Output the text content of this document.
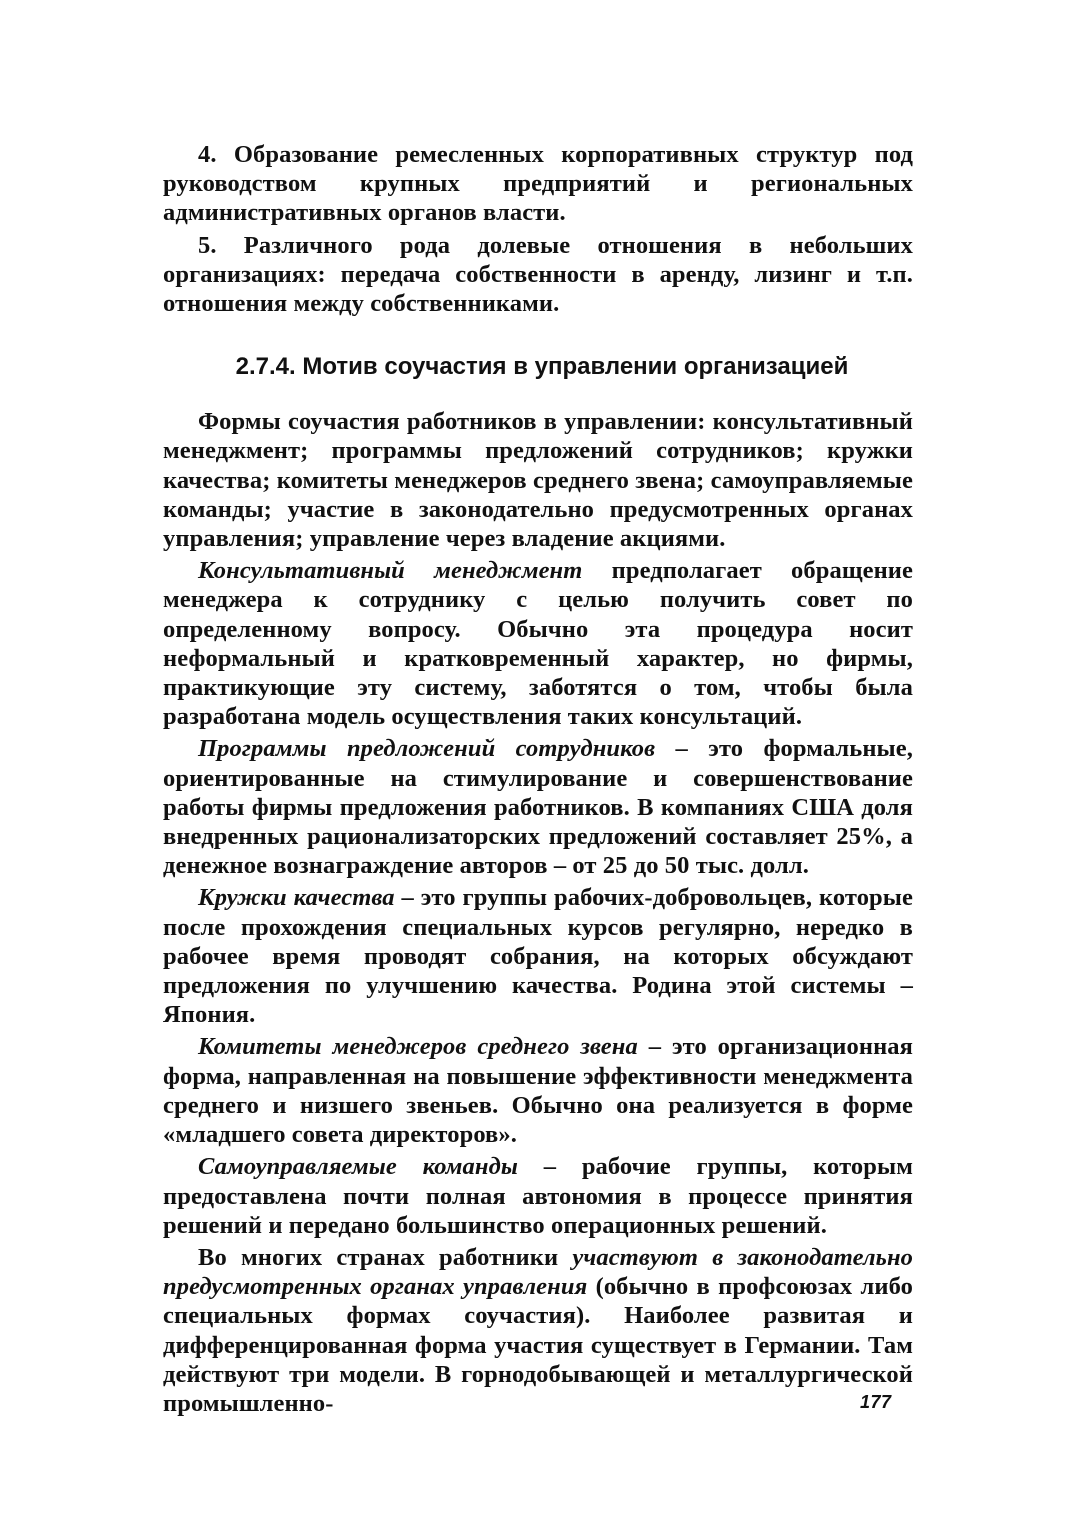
4. Образование ремесленных корпоративных структур под руководством крупных предприятий и региональных административных органов власти.

5. Различного рода долевые отношения в небольших организациях: передача собственности в аренду, лизинг и т.п. отношения между собственниками.

2.7.4. Мотив соучастия в управлении организацией

Формы соучастия работников в управлении: консультативный менеджмент; программы предложений сотрудников; кружки качества; комитеты менеджеров среднего звена; самоуправляемые команды; участие в законодательно предусмотренных органах управления; управление через владение акциями.

Консультативный менеджмент предполагает обращение менеджера к сотруднику с целью получить совет по определенному вопросу. Обычно эта процедура носит неформальный и кратковременный характер, но фирмы, практикующие эту систему, заботятся о том, чтобы была разработана модель осуществления таких консультаций.

Программы предложений сотрудников – это формальные, ориентированные на стимулирование и совершенствование работы фирмы предложения работников. В компаниях США доля внедренных рационализаторских предложений составляет 25%, а денежное вознаграждение авторов – от 25 до 50 тыс. долл.

Кружки качества – это группы рабочих-добровольцев, которые после прохождения специальных курсов регулярно, нередко в рабочее время проводят собрания, на которых обсуждают предложения по улучшению качества. Родина этой системы – Япония.

Комитеты менеджеров среднего звена – это организационная форма, направленная на повышение эффективности менеджмента среднего и низшего звеньев. Обычно она реализуется в форме «младшего совета директоров».

Самоуправляемые команды – рабочие группы, которым предоставлена почти полная автономия в процессе принятия решений и передано большинство операционных решений.

Во многих странах работники участвуют в законодательно предусмотренных органах управления (обычно в профсоюзах либо специальных формах соучастия). Наиболее развитая и дифференцированная форма участия существует в Германии. Там действуют три модели. В горнодобывающей и металлургической промышленно-	177
